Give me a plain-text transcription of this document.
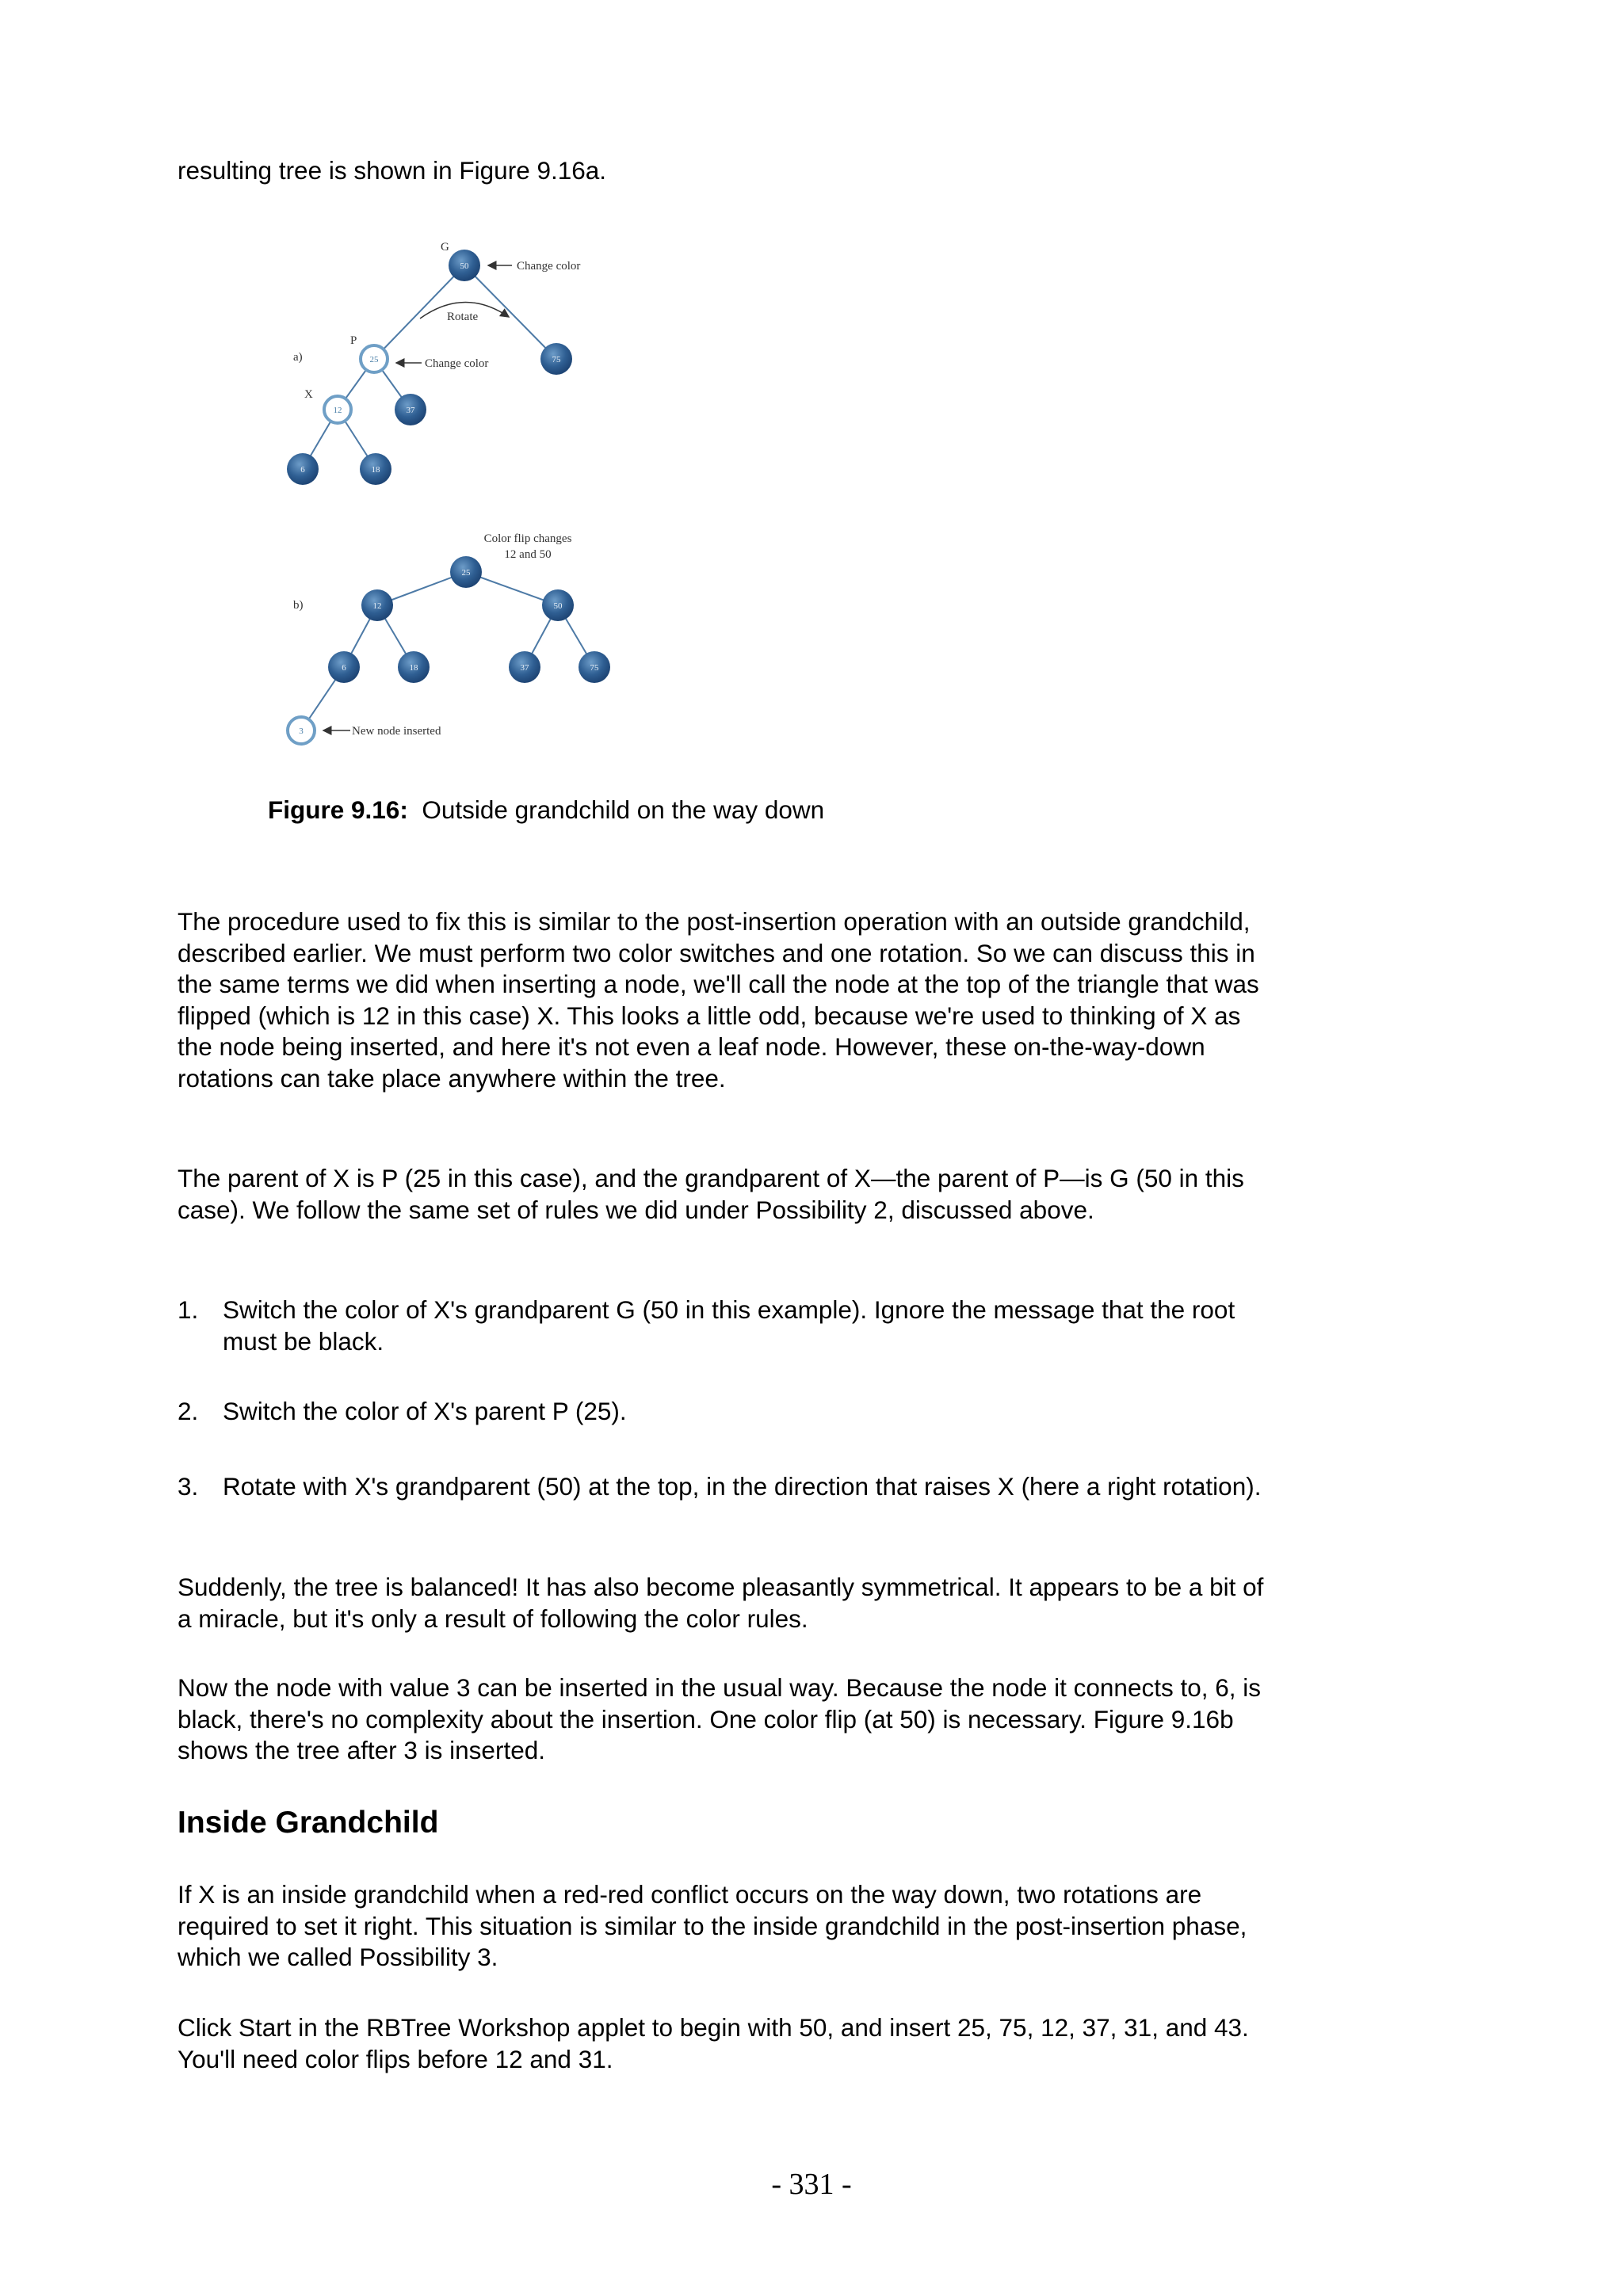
resulting tree is shown in Figure 9.16a.

a)
Rotate
G
P
X
50
25	75
12	37
6	18
Change color
Change color
b)
Color flip changes
12 and 50
25
12	50
6	18	37	75
3	New node inserted
Figure 9.16: Outside grandchild on the way down

The procedure used to fix this is similar to the post-insertion operation with an outside grandchild, described earlier. We must perform two color switches and one rotation. So we can discuss this in the same terms we did when inserting a node, we'll call the node at the top of the triangle that was flipped (which is 12 in this case) X. This looks a little odd, because we're used to thinking of X as the node being inserted, and here it's not even a leaf node. However, these on-the-way-down rotations can take place anywhere within the tree.

The parent of X is P (25 in this case), and the grandparent of X—the parent of P—is G (50 in this case). We follow the same set of rules we did under Possibility 2, discussed above.

1. Switch the color of X's grandparent G (50 in this example). Ignore the message that the root must be black.
2. Switch the color of X's parent P (25).
3. Rotate with X's grandparent (50) at the top, in the direction that raises X (here a right rotation).

Suddenly, the tree is balanced! It has also become pleasantly symmetrical. It appears to be a bit of a miracle, but it's only a result of following the color rules.

Now the node with value 3 can be inserted in the usual way. Because the node it connects to, 6, is black, there's no complexity about the insertion. One color flip (at 50) is necessary. Figure 9.16b shows the tree after 3 is inserted.

Inside Grandchild

If X is an inside grandchild when a red-red conflict occurs on the way down, two rotations are required to set it right. This situation is similar to the inside grandchild in the post-insertion phase, which we called Possibility 3.

Click Start in the RBTree Workshop applet to begin with 50, and insert 25, 75, 12, 37, 31, and 43. You'll need color flips before 12 and 31.

- 331 -
